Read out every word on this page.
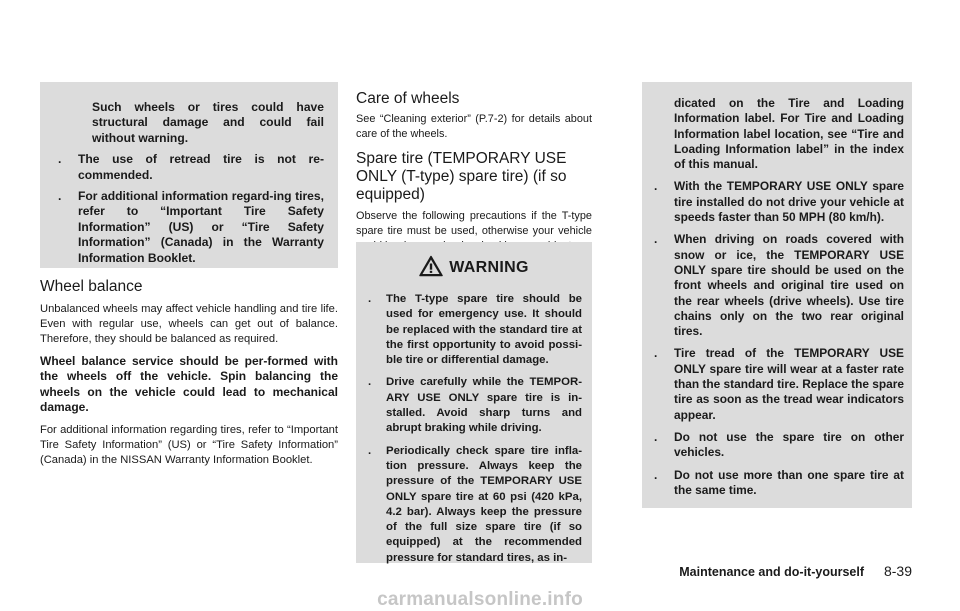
Such wheels or tires could have structural damage and could fail without warning.

. The use of retread tire is not re-commended.
. For additional information regard-ing tires, refer to “Important Tire Safety Information” (US) or “Tire Safety Information” (Canada) in the Warranty Information Booklet.
Wheel balance

Unbalanced wheels may affect vehicle handling and tire life. Even with regular use, wheels can get out of balance. Therefore, they should be balanced as required.

Wheel balance service should be per-formed with the wheels off the vehicle. Spin balancing the wheels on the vehicle could lead to mechanical damage.

For additional information regarding tires, refer to “Important Tire Safety Information” (US) or “Tire Safety Information” (Canada) in the NISSAN Warranty Information Booklet.

Care of wheels

See “Cleaning exterior” (P.7-2) for details about care of the wheels.

Spare tire (TEMPORARY USE ONLY (T-type) spare tire) (if so equipped)

Observe the following precautions if the T-type spare tire must be used, otherwise your vehicle

WARNING
. The T-type spare tire should be used for emergency use. It should be replaced with the standard tire at the first opportunity to avoid possi-ble tire or differential damage.
. Drive carefully while the TEMPOR-ARY USE ONLY spare tire is in-stalled. Avoid sharp turns and abrupt braking while driving.
. Periodically check spare tire infla-tion pressure. Always keep the pressure of the TEMPORARY USE ONLY spare tire at 60 psi (420 kPa, 4.2 bar). Always keep the pressure of the full size spare tire (if so equipped) at the recommended pressure for standard tires, as in-
dicated on the Tire and Loading Information label. For Tire and Loading Information label location, see “Tire and Loading Information label” in the index of this manual.
. With the TEMPORARY USE ONLY spare tire installed do not drive your vehicle at speeds faster than 50 MPH (80 km/h).
. When driving on roads covered with snow or ice, the TEMPORARY USE ONLY spare tire should be used on the front wheels and original tire used on the rear wheels (drive wheels). Use tire chains only on the two rear original tires.
. Tire tread of the TEMPORARY USE ONLY spare tire will wear at a faster rate than the standard tire. Replace the spare tire as soon as the tread wear indicators appear.
. Do not use the spare tire on other vehicles.
. Do not use more than one spare tire at the same time.
Maintenance and do-it-yourself 8-39
carmanualsonline.info
